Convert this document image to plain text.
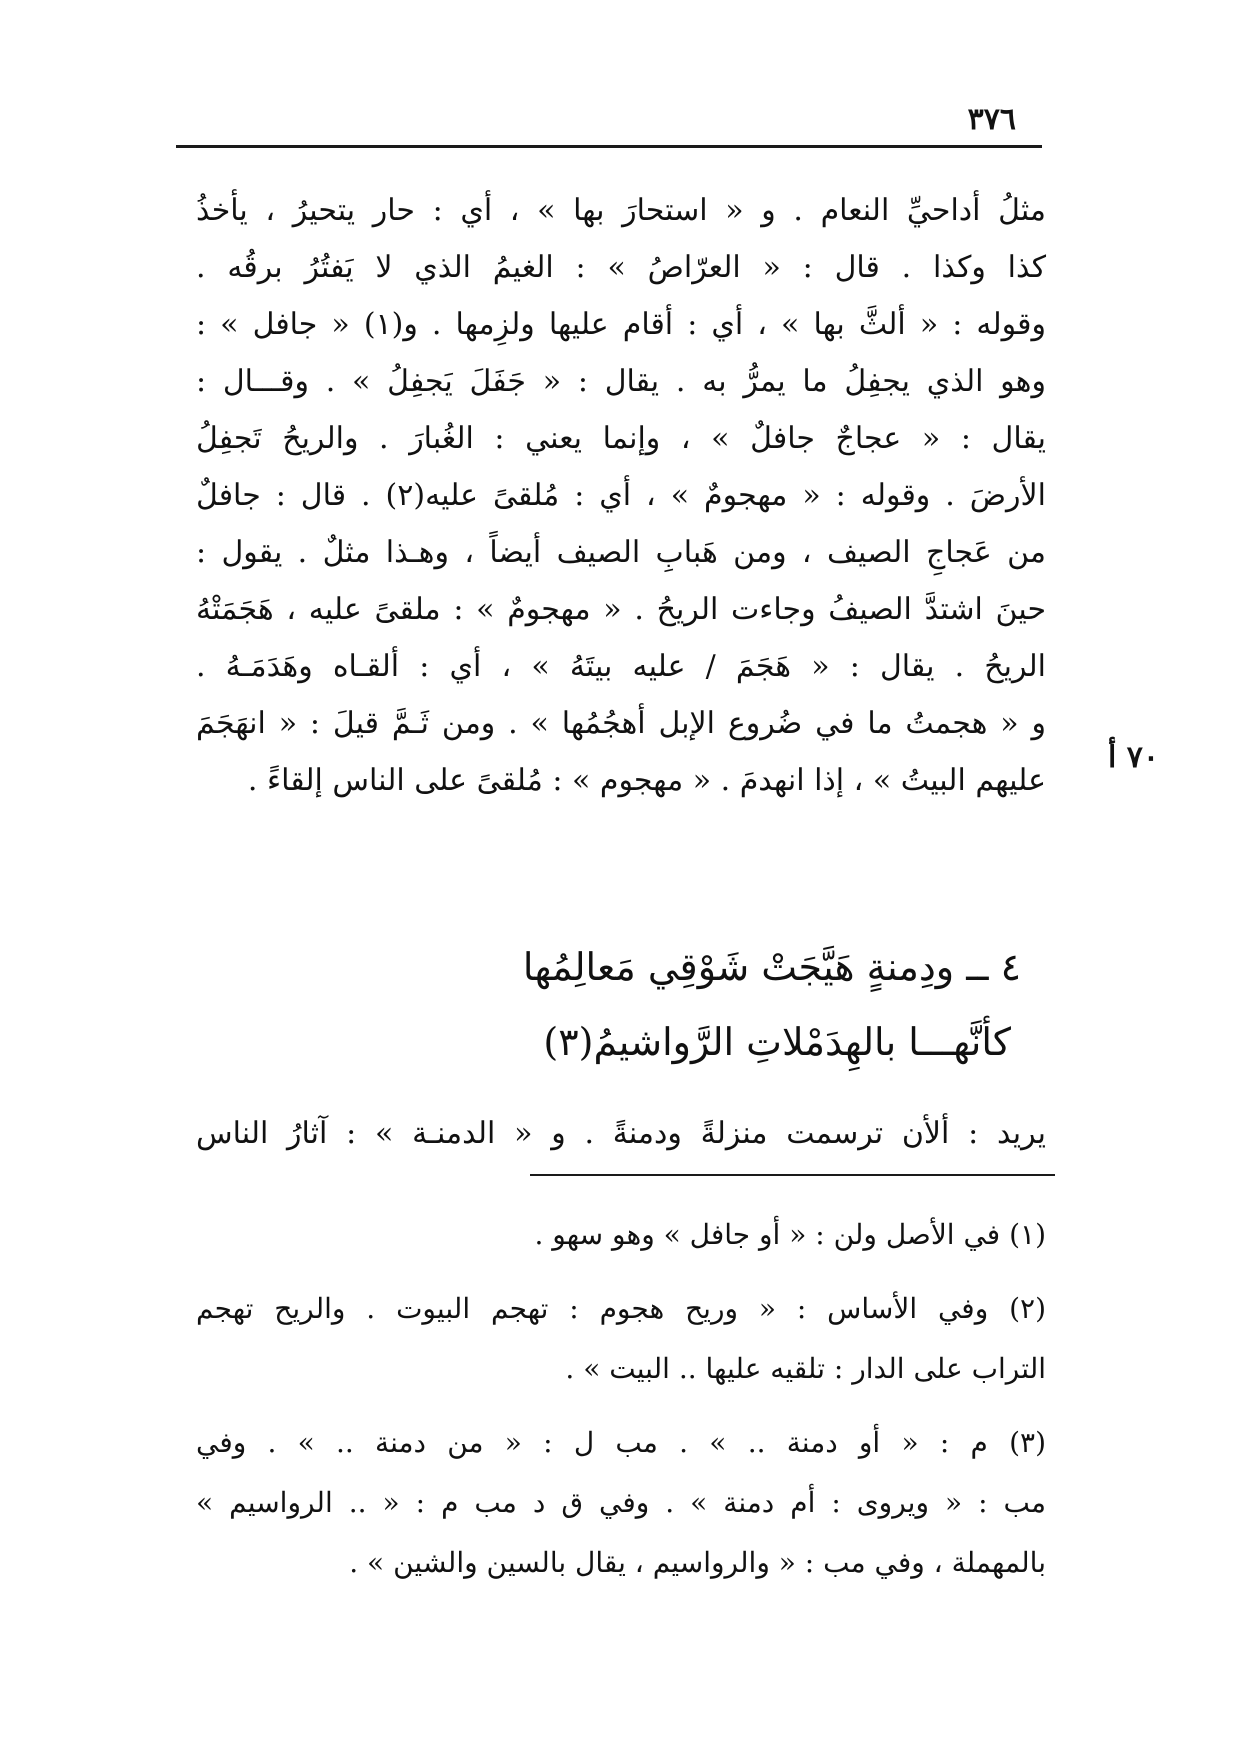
٣٧٦
مثلُ أداحيِّ النعام . و « استحارَ بها » ، أي : حار يتحيرُ ، يأخذُ
كذا وكذا . قال : « العرّاصُ » : الغيمُ الذي لا يَفتُرُ برقُه .
وقوله : « ألثَّ بها » ، أي : أقام عليها ولزِمها . و(١) « جافل » :
وهو الذي يجفِلُ ما يمرُّ به . يقال : « جَفَلَ يَجفِلُ » . وقـــال :
يقال : « عجاجٌ جافلٌ » ، وإنما يعني : الغُبارَ . والريحُ تَجفِلُ
الأرضَ . وقوله : « مهجومٌ » ، أي : مُلقىً عليه(٢) . قال : جافلٌ
من عَجاجِ الصيف ، ومن هَبابِ الصيف أيضاً ، وهـذا مثلٌ . يقول :
حينَ اشتدَّ الصيفُ وجاءت الريحُ . « مهجومٌ » : ملقىً عليه ، هَجَمَتْهُ
الريحُ . يقال : « هَجَمَ / عليه بيتَهُ » ، أي : ألقـاه وهَدَمَـهُ .
و « هجمتُ ما في ضُروع الإبل أهجُمُها » . ومن ثَـمَّ قيلَ : « انهَجَمَ
عليهم البيتُ » ، إذا انهدمَ . « مهجوم » : مُلقىً على الناس إلقاءً .
٧٠ أ
٤ ــ ودِمنةٍ هَيَّجَتْ شَوْقِي مَعالِمُها
كأنَّهـــا بالهِدَمْلاتِ الرَّواشيمُ(٣)
يريد : ألأن ترسمت منزلةً ودمنةً . و « الدمنـة » : آثارُ الناس
(١) في الأصل ولن : « أو جافل » وهو سهو .
(٢) وفي الأساس : « وريح هجوم : تهجم البيوت . والريح تهجم
التراب على الدار : تلقيه عليها .. البيت » .
(٣) م : « أو دمنة .. » . مب ل : « من دمنة .. » . وفي
مب : « ويروى : أم دمنة » . وفي ق د مب م : « .. الرواسيم »
بالمهملة ، وفي مب : « والرواسيم ، يقال بالسين والشين » .
